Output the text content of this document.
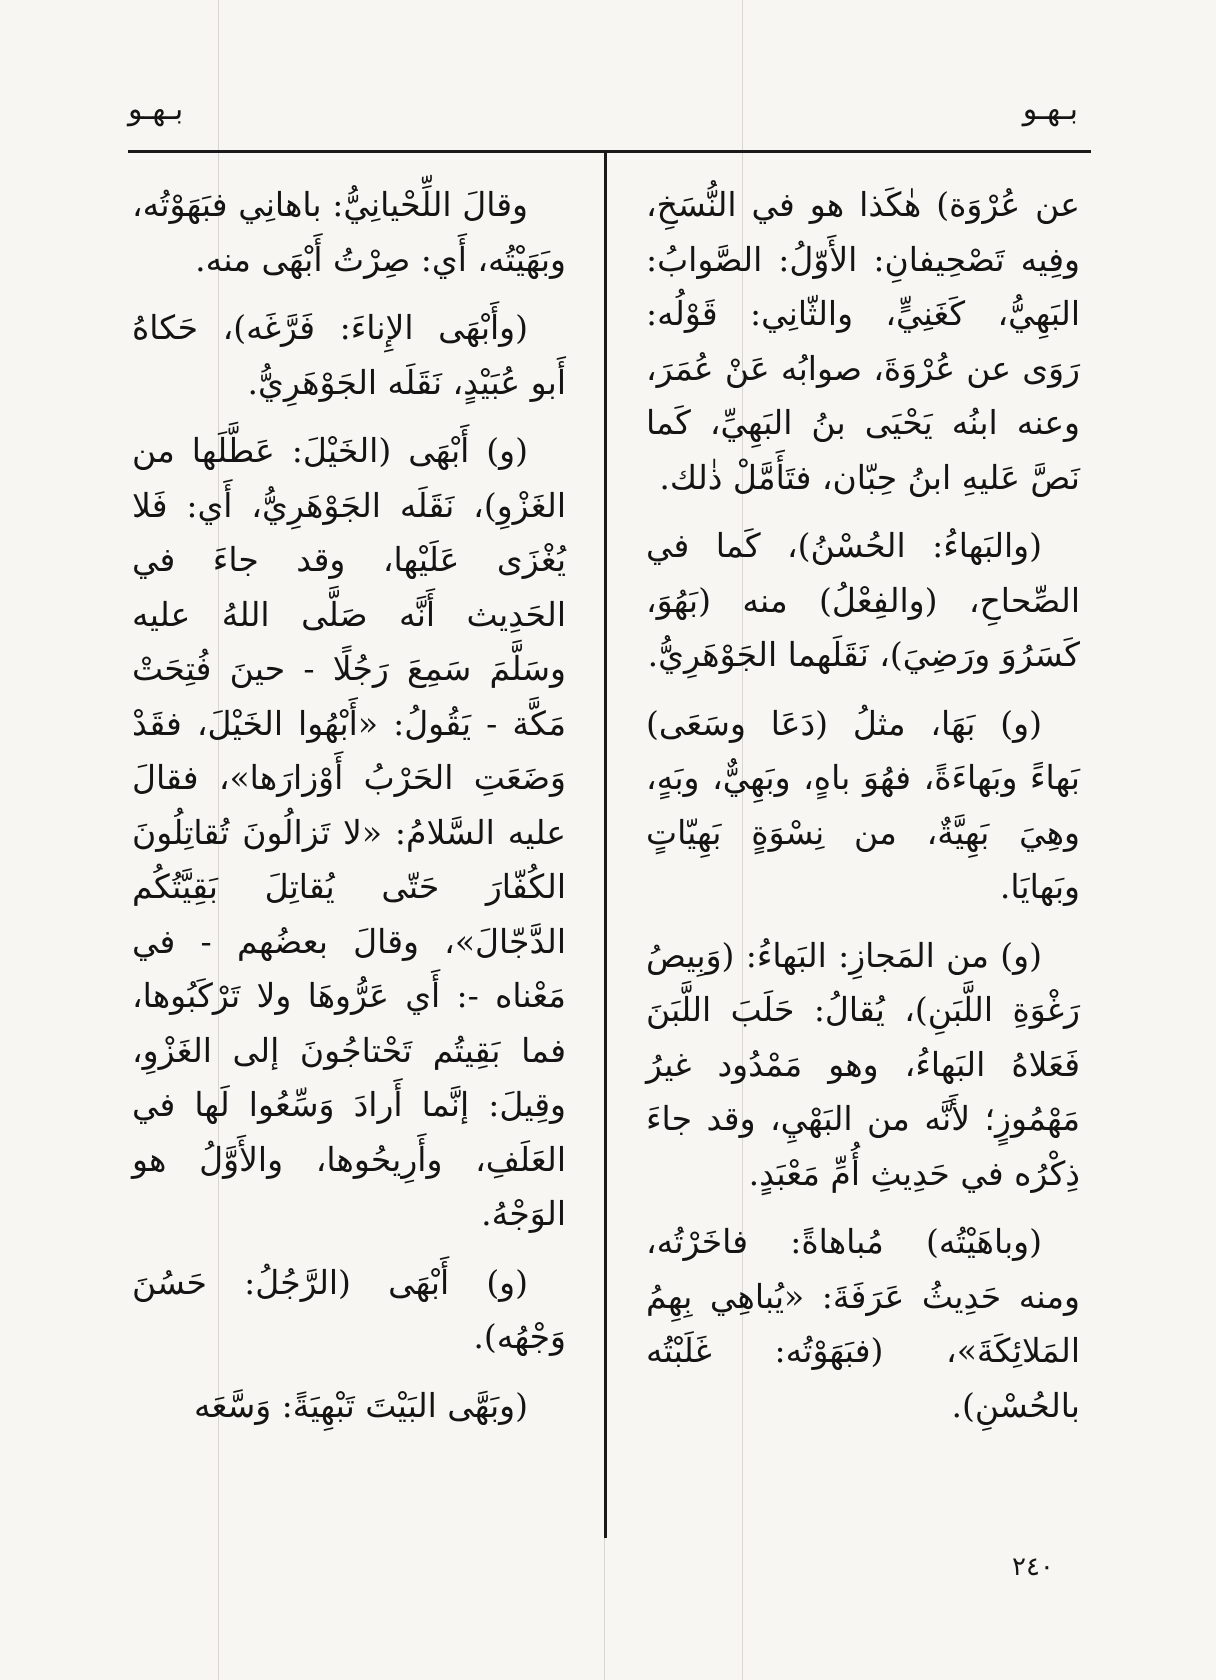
بـهـو
بـهـو

عن عُرْوَة) هٰكَذا هو في النُّسَخِ، وفِيه تَصْحِيفانِ: الأَوّلُ: الصَّوابُ: البَهِيُّ، كَغَنِيٍّ، والثّانِي: قَوْلُه: رَوَى عن عُرْوَةَ، صوابُه عَنْ عُمَرَ، وعنه ابنُه يَحْيَى بنُ البَهِيِّ، كَما نَصَّ عَليهِ ابنُ حِبّان، فتَأَمَّلْ ذٰلك.

(والبَهاءُ: الحُسْنُ)، كَما في الصِّحاحِ، (والفِعْلُ) منه (بَهُوَ، كَسَرُوَ ورَضِيَ)، نَقَلَهما الجَوْهَرِيُّ.

(و) بَهَا، مثلُ (دَعَا وسَعَى) بَهاءً وبَهاءَةً، فهُوَ باهٍ، وبَهِيٌّ، وبَهٍ، وهِيَ بَهِيَّةٌ، من نِسْوَةٍ بَهِيّاتٍ وبَهايَا.

(و) من المَجازِ: البَهاءُ: (وَبِيصُ رَغْوَةِ اللَّبَنِ)، يُقالُ: حَلَبَ اللَّبَنَ فَعَلاهُ البَهاءُ، وهو مَمْدُود غيرُ مَهْمُوزٍ؛ لأَنَّه من البَهْيِ، وقد جاءَ ذِكْرُه في حَدِيثِ أُمِّ مَعْبَدٍ.

(وباهَيْتُه) مُباهاةً: فاخَرْتُه، ومنه حَدِيثُ عَرَفَةَ: «يُباهِي بِهِمُ المَلائِكَةَ»، (فبَهَوْتُه: غَلَبْتُه بالحُسْنِ).

وقالَ اللِّحْيانِيُّ: باهانِي فبَهَوْتُه، وبَهَيْتُه، أَي: صِرْتُ أَبْهَى منه.

(وأَبْهَى الإِناءَ: فَرَّغَه)، حَكاهُ أَبو عُبَيْدٍ، نَقَلَه الجَوْهَرِيُّ.

(و) أَبْهَى (الخَيْلَ: عَطَّلَها من الغَزْوِ)، نَقَلَه الجَوْهَرِيُّ، أَي: فَلا يُغْزَى عَلَيْها، وقد جاءَ في الحَدِيث أَنَّه صَلَّى اللهُ عليه وسَلَّمَ سَمِعَ رَجُلًا - حينَ فُتِحَتْ مَكَّة - يَقُولُ: «أَبْهُوا الخَيْلَ، فقَدْ وَضَعَتِ الحَرْبُ أَوْزارَها»، فقالَ عليه السَّلامُ: «لا تَزالُونَ تُقاتِلُونَ الكُفّارَ حَتّى يُقاتِلَ بَقِيَّتُكُم الدَّجّالَ»، وقالَ بعضُهم - في مَعْناه -: أَي عَرُّوهَا ولا تَرْكَبُوها، فما بَقِيتُم تَحْتاجُونَ إلى الغَزْوِ، وقِيلَ: إنَّما أَرادَ وَسِّعُوا لَها في العَلَفِ، وأَرِيحُوها، والأَوَّلُ هو الوَجْهُ.

(و) أَبْهَى (الرَّجُلُ: حَسُنَ وَجْهُه).

(وبَهَّى البَيْتَ تَبْهِيَةً: وَسَّعَه

٢٤٠
